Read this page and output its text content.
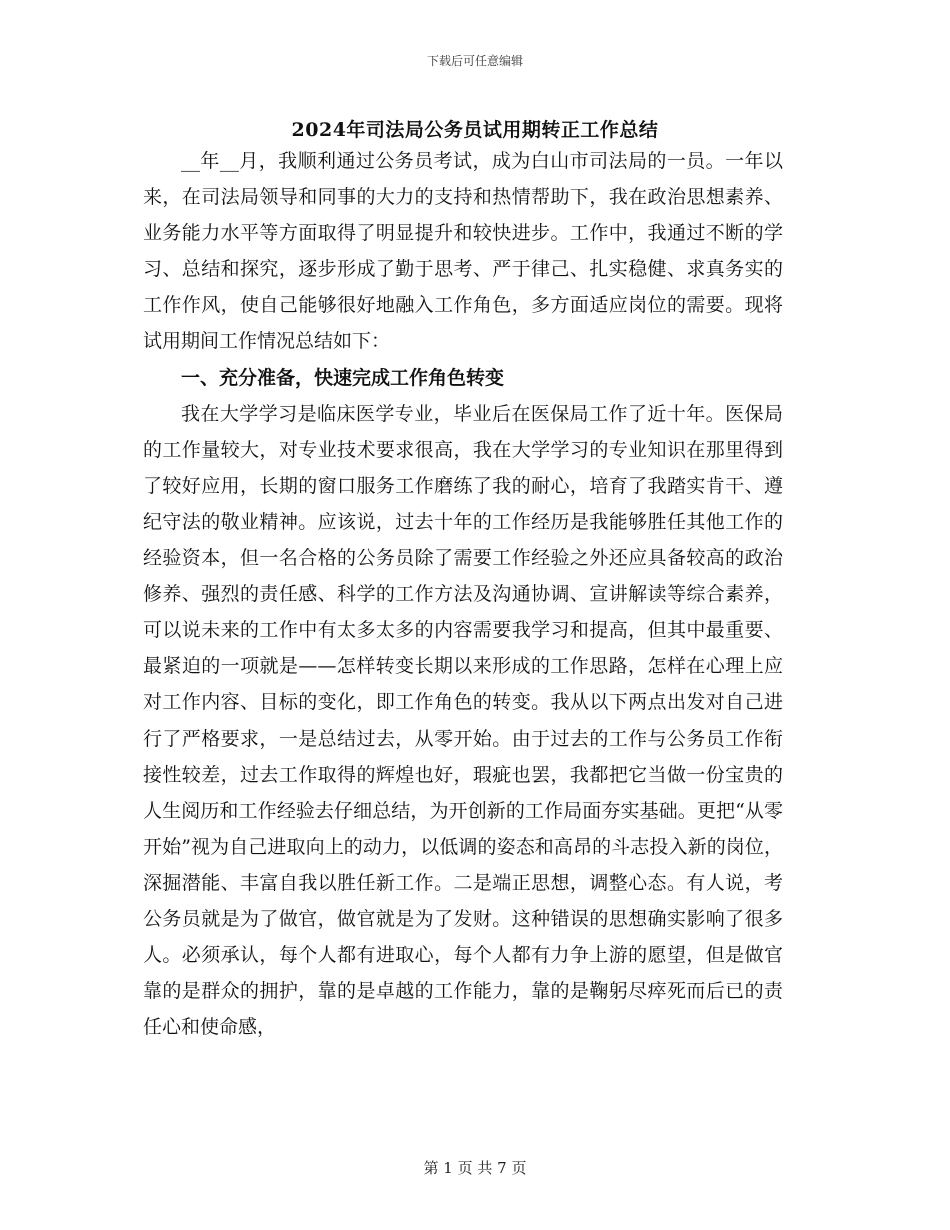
下载后可任意编辑
2024年司法局公务员试用期转正工作总结

__年__月，我顺利通过公务员考试，成为白山市司法局的一员。一年以来，在司法局领导和同事的大力的支持和热情帮助下，我在政治思想素养、业务能力水平等方面取得了明显提升和较快进步。工作中，我通过不断的学习、总结和探究，逐步形成了勤于思考、严于律己、扎实稳健、求真务实的工作作风，使自己能够很好地融入工作角色，多方面适应岗位的需要。现将试用期间工作情况总结如下：

一、充分准备，快速完成工作角色转变

我在大学学习是临床医学专业，毕业后在医保局工作了近十年。医保局的工作量较大，对专业技术要求很高，我在大学学习的专业知识在那里得到了较好应用，长期的窗口服务工作磨练了我的耐心，培育了我踏实肯干、遵纪守法的敬业精神。应该说，过去十年的工作经历是我能够胜任其他工作的经验资本，但一名合格的公务员除了需要工作经验之外还应具备较高的政治修养、强烈的责任感、科学的工作方法及沟通协调、宣讲解读等综合素养，可以说未来的工作中有太多太多的内容需要我学习和提高，但其中最重要、最紧迫的一项就是——怎样转变长期以来形成的工作思路，怎样在心理上应对工作内容、目标的变化，即工作角色的转变。我从以下两点出发对自己进行了严格要求，一是总结过去，从零开始。由于过去的工作与公务员工作衔接性较差，过去工作取得的辉煌也好，瑕疵也罢，我都把它当做一份宝贵的人生阅历和工作经验去仔细总结，为开创新的工作局面夯实基础。更把“从零开始”视为自己进取向上的动力，以低调的姿态和高昂的斗志投入新的岗位，深掘潜能、丰富自我以胜任新工作。二是端正思想，调整心态。有人说，考公务员就是为了做官，做官就是为了发财。这种错误的思想确实影响了很多人。必须承认，每个人都有进取心，每个人都有力争上游的愿望，但是做官靠的是群众的拥护，靠的是卓越的工作能力，靠的是鞠躬尽瘁死而后已的责任心和使命感，

第 1 页 共 7 页
